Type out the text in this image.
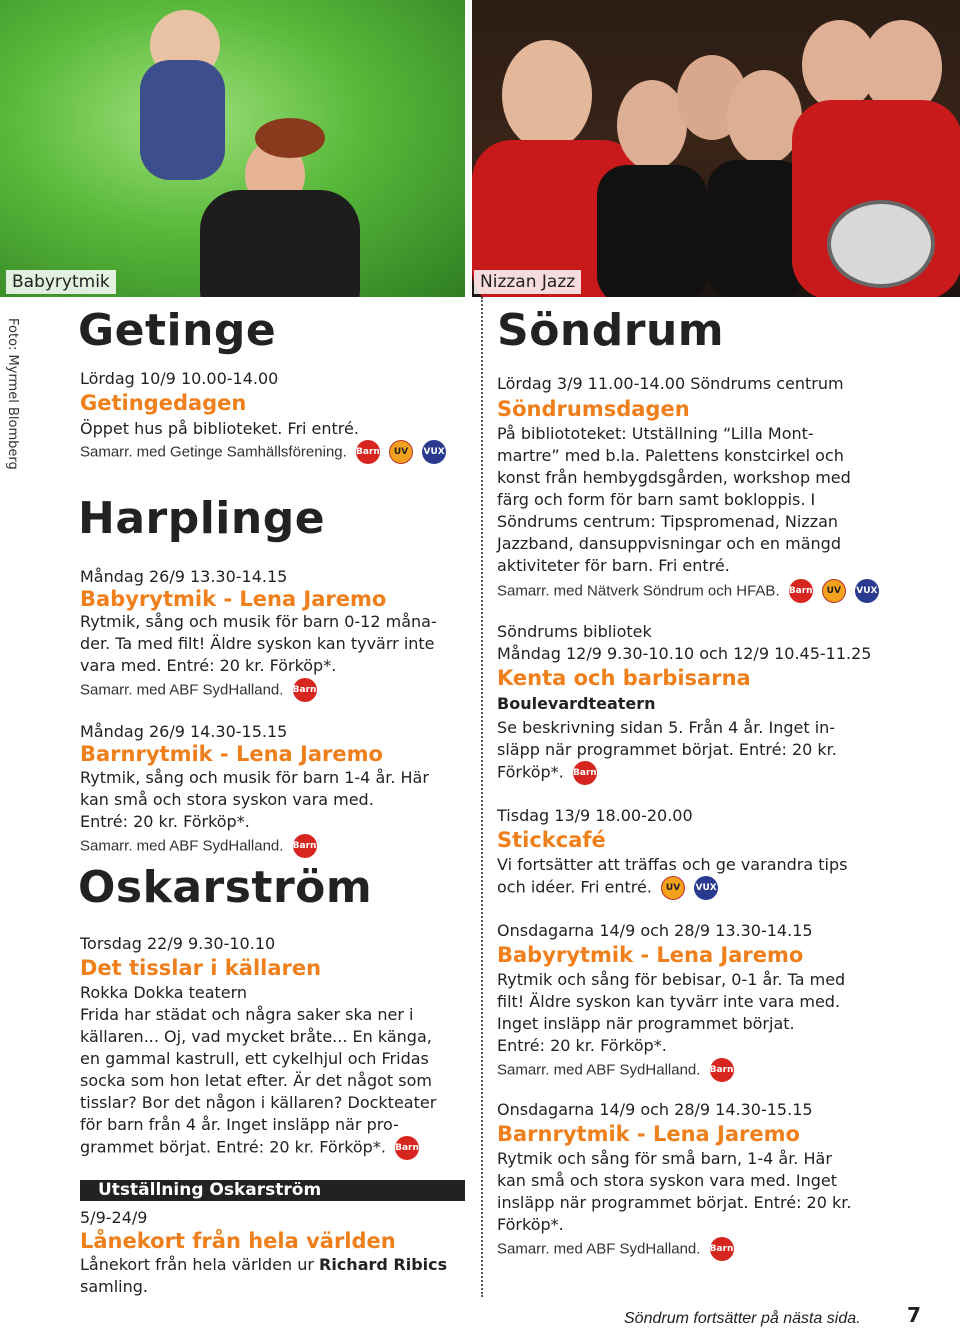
Babyrytmik	Nizzan Jazz
Foto: Myrmel Blomberg Getinge
Lördag 10/9 10.00-14.00
Getingedagen
Öppet hus på biblioteket. Fri entré.
Samarr. med Getinge Samhällsförening. Barn UV VUX
Harplinge
Måndag 26/9 13.30-14.15
Babyrytmik - Lena Jaremo
Rytmik, sång och musik för barn 0-12 måna-
der. Ta med filt! Äldre syskon kan tyvärr inte
vara med. Entré: 20 kr. Förköp*.
Samarr. med ABF SydHalland. Barn
Måndag 26/9 14.30-15.15
Barnrytmik - Lena Jaremo
Rytmik, sång och musik för barn 1-4 år. Här
kan små och stora syskon vara med.
Entré: 20 kr. Förköp*.
Samarr. med ABF SydHalland. Barn
Oskarström
Torsdag 22/9 9.30-10.10
Det tisslar i källaren
Rokka Dokka teatern
Frida har städat och några saker ska ner i
källaren... Oj, vad mycket bråte... En känga,
en gammal kastrull, ett cykelhjul och Fridas
socka som hon letat efter. Är det något som
tisslar? Bor det någon i källaren? Dockteater
för barn från 4 år. Inget insläpp när pro-
grammet börjat. Entré: 20 kr. Förköp*. Barn
Utställning Oskarström
5/9-24/9
Lånekort från hela världen
Lånekort från hela världen ur Richard Ribics
samling.
Söndrum
Lördag 3/9 11.00-14.00 Söndrums centrum
Söndrumsdagen
På bibliototeket: Utställning “Lilla Mont-
martre” med b.la. Palettens konstcirkel och
konst från hembygdsgården, workshop med
färg och form för barn samt bokloppis. I
Söndrums centrum: Tipspromenad, Nizzan
Jazzband, dansuppvisningar och en mängd
aktiviteter för barn. Fri entré.
Samarr. med Nätverk Söndrum och HFAB. Barn UV VUX
Söndrums bibliotek
Måndag 12/9 9.30-10.10 och 12/9 10.45-11.25
Kenta och barbisarna
Boulevardteatern
Se beskrivning sidan 5. Från 4 år. Inget in-
släpp när programmet börjat. Entré: 20 kr.
Förköp*. Barn
Tisdag 13/9 18.00-20.00
Stickcafé
Vi fortsätter att träffas och ge varandra tips
och idéer. Fri entré. UV VUX
Onsdagarna 14/9 och 28/9 13.30-14.15
Babyrytmik - Lena Jaremo
Rytmik och sång för bebisar, 0-1 år. Ta med
filt! Äldre syskon kan tyvärr inte vara med.
Inget insläpp när programmet börjat.
Entré: 20 kr. Förköp*.
Samarr. med ABF SydHalland. Barn
Onsdagarna 14/9 och 28/9 14.30-15.15
Barnrytmik - Lena Jaremo
Rytmik och sång för små barn, 1-4 år. Här
kan små och stora syskon vara med. Inget
insläpp när programmet börjat. Entré: 20 kr.
Förköp*.
Samarr. med ABF SydHalland. Barn
Söndrum fortsätter på nästa sida. 7
